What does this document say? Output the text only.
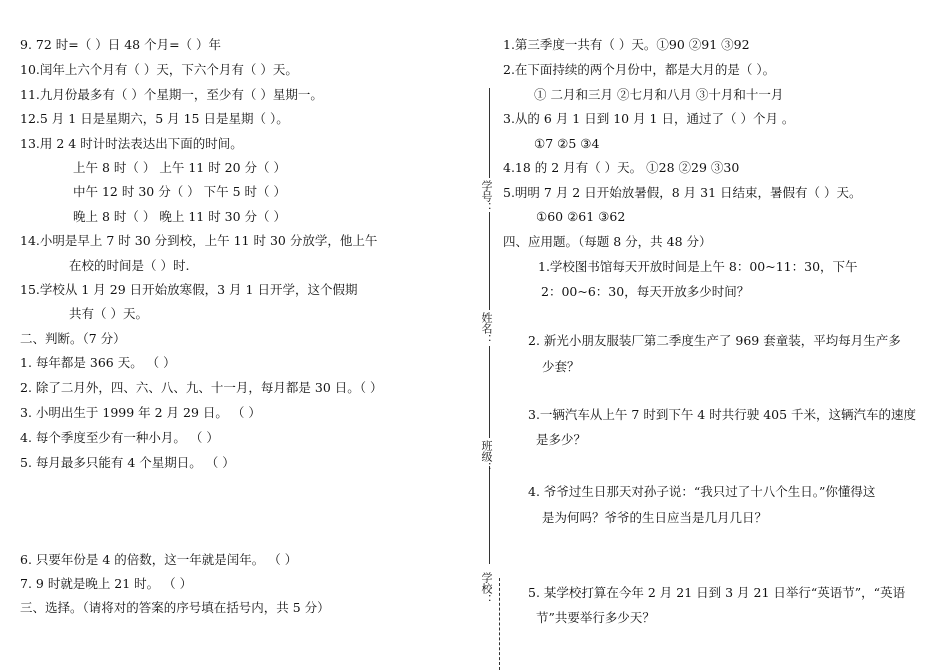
9. 72 时=（ ）日 48 个月=（ ）年
10.闰年上六个月有（ ）天，下六个月有（ ）天。
11.九月份最多有（ ）个星期一，至少有（ ）星期一。
12.5 月 1 日是星期六，5 月 15 日是星期（ ）。
13.用 2 4 时计时法表达出下面的时间。
上午 8 时（ ） 上午 11 时 20 分（ ）
中午 12 时 30 分（ ） 下午 5 时（ ）
晚上 8 时（ ） 晚上 11 时 30 分（ ）
14.小明是早上 7 时 30 分到校，上午 11 时 30 分放学，他上午
在校的时间是（ ）时.
15.学校从 1 月 29 日开始放寒假，3 月 1 日开学，这个假期
共有（ ）天。
二、判断。（7 分）
1. 每年都是 366 天。 （ ）
2. 除了二月外，四、六、八、九、十一月，每月都是 30 日。（ ）
3. 小明出生于 1999 年 2 月 29 日。 （ ）
4. 每个季度至少有一种小月。 （ ）
5. 每月最多只能有 4 个星期日。 （ ）
6. 只要年份是 4 的倍数，这一年就是闰年。 （ ）
7. 9 时就是晚上 21 时。 （ ）
三、选择。（请将对的答案的序号填在括号内，共 5 分）
学号：
姓名：
班级：
学校：
1.第三季度一共有（ ）天。①90 ②91 ③92
2.在下面持续的两个月份中，都是大月的是（ ）。
① 二月和三月 ②七月和八月 ③十月和十一月
3.从的 6 月 1 日到 10 月 1 日，通过了（ ）个月 。
①7 ②5 ③4
4.18 的 2 月有（ ）天。 ①28 ②29 ③30
5.明明 7 月 2 日开始放暑假，8 月 31 日结束，暑假有（ ）天。
①60 ②61 ③62
四、应用题。（每题 8 分，共 48 分）
1.学校图书馆每天开放时间是上午 8：00~11：30，下午
2：00~6：30，每天开放多少时间？
2. 新光小朋友服装厂第二季度生产了 969 套童装，平均每月生产多
少套？
3.一辆汽车从上午 7 时到下午 4 时共行驶 405 千米，这辆汽车的速度
是多少？
4. 爷爷过生日那天对孙子说：“我只过了十八个生日。”你懂得这
是为何吗？爷爷的生日应当是几月几日？
5. 某学校打算在今年 2 月 21 日到 3 月 21 日举行“英语节”，“英语
节”共要举行多少天？
